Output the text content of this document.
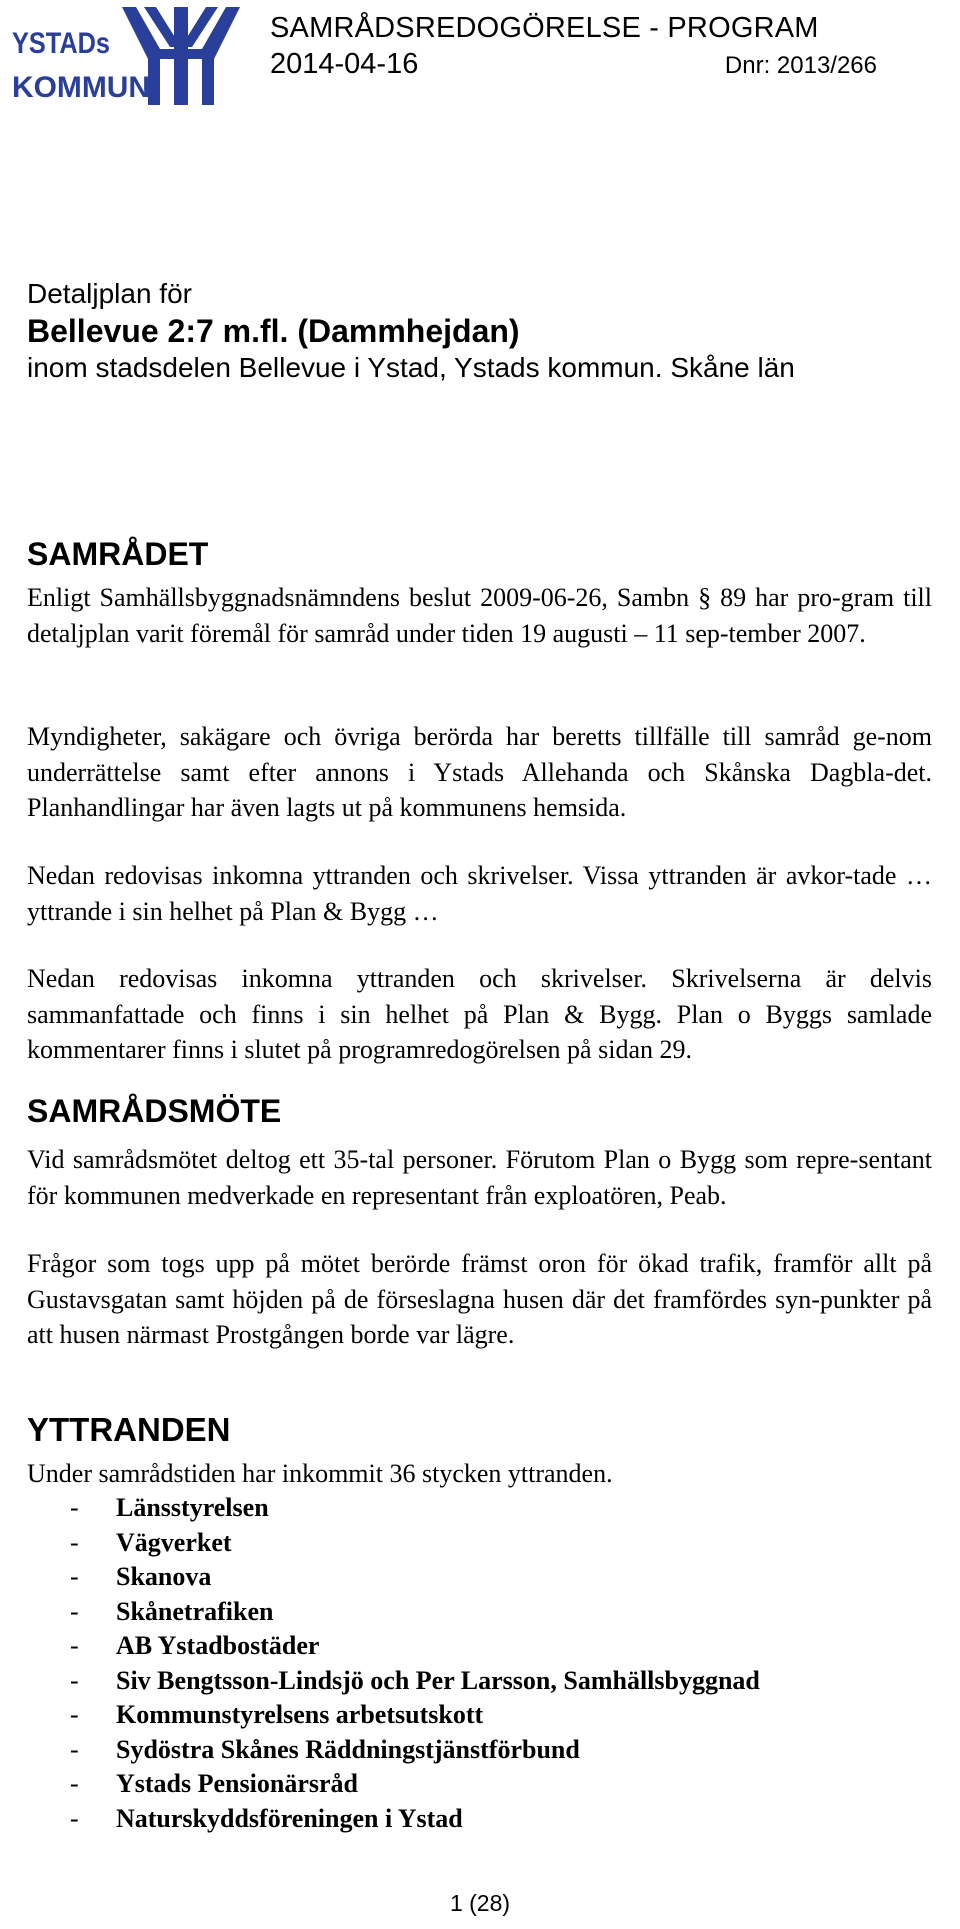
YSTADs
KOMMUN
SAMRÅDSREDOGÖRELSE - PROGRAM
2014-04-16	Dnr: 2013/266
Detaljplan för
Bellevue 2:7 m.fl. (Dammhejdan)
inom stadsdelen Bellevue i Ystad, Ystads kommun. Skåne län
SAMRÅDET
Enligt Samhällsbyggnadsnämndens beslut 2009-06-26, Sambn § 89 har pro-gram till detaljplan varit föremål för samråd under tiden 19 augusti – 11 sep-tember 2007.
Myndigheter, sakägare och övriga berörda har beretts tillfälle till samråd ge-nom underrättelse samt efter annons i Ystads Allehanda och Skånska Dagbla-det. Planhandlingar har även lagts ut på kommunens hemsida.
Nedan redovisas inkomna yttranden och skrivelser. Vissa yttranden är avkor-tade … yttrande i sin helhet på Plan & Bygg …
Nedan redovisas inkomna yttranden och skrivelser. Skrivelserna är delvis sammanfattade och finns i sin helhet på Plan & Bygg. Plan o Byggs samlade kommentarer finns i slutet på programredogörelsen på sidan 29.
SAMRÅDSMÖTE
Vid samrådsmötet deltog ett 35-tal personer. Förutom Plan o Bygg som repre-sentant för kommunen medverkade en representant från exploatören, Peab.
Frågor som togs upp på mötet berörde främst oron för ökad trafik, framför allt på Gustavsgatan samt höjden på de förseslagna husen där det framfördes syn-punkter på att husen närmast Prostgången borde var lägre.
YTTRANDEN
Under samrådstiden har inkommit 36 stycken yttranden.
- Länsstyrelsen
- Vägverket
- Skanova
- Skånetrafiken
- AB Ystadbostäder
- Siv Bengtsson-Lindsjö och Per Larsson, Samhällsbyggnad
- Kommunstyrelsens arbetsutskott
- Sydöstra Skånes Räddningstjänstförbund
- Ystads Pensionärsråd
- Naturskyddsföreningen i Ystad
1 (28)
